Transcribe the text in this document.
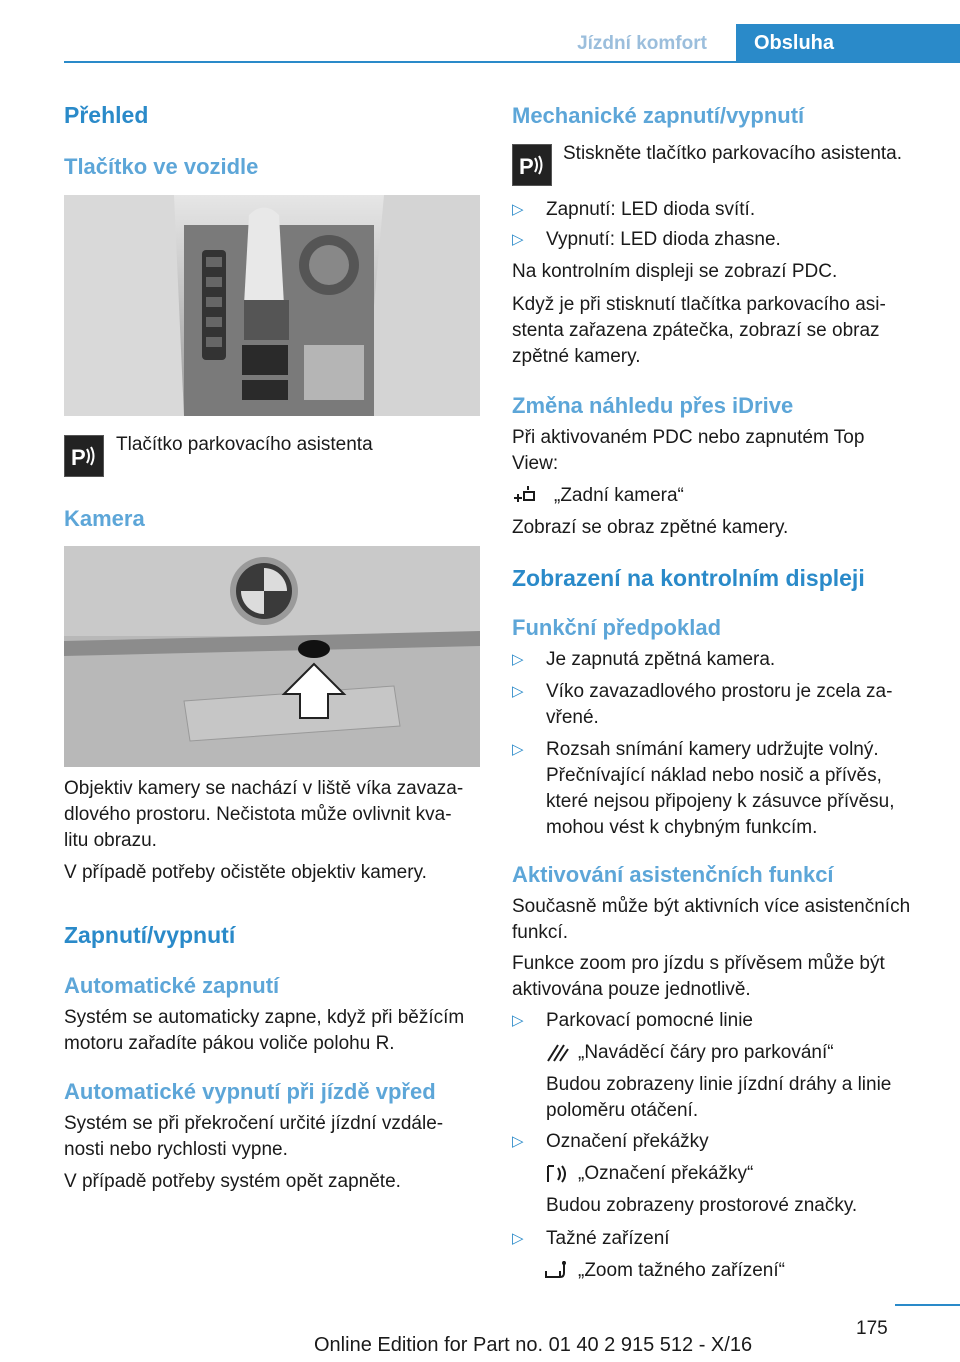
Jízdní komfort	Obsluha
Přehled
Tlačítko ve vozidle
P

Tlačítko parkovacího asistenta

Kamera

Objektiv kamery se nachází v liště víka zavaza‐
dlového prostoru. Nečistota může ovlivnit kva‐
litu obrazu.

V případě potřeby očistěte objektiv kamery.

Zapnutí/vypnutí
Automatické zapnutí

Systém se automaticky zapne, když při běžícím
motoru zařadíte pákou voliče polohu R.

Automatické vypnutí při jízdě vpřed

Systém se při překročení určité jízdní vzdále‐
nosti nebo rychlosti vypne.

V případě potřeby systém opět zapněte.

Mechanické zapnutí/vypnutí
P

Stiskněte tlačítko parkovacího asistenta.

▷ Zapnutí: LED dioda svítí.
▷ Vypnutí: LED dioda zhasne.

Na kontrolním displeji se zobrazí PDC.

Když je při stisknutí tlačítka parkovacího asi‐
stenta zařazena zpátečka, zobrazí se obraz
zpětné kamery.

Změna náhledu přes iDrive

Při aktivovaném PDC nebo zapnutém Top
View:

„Zadní kamera“

Zobrazí se obraz zpětné kamery.

Zobrazení na kontrolním displeji
Funkční předpoklad
▷ Je zapnutá zpětná kamera.
▷ Víko zavazadlového prostoru je zcela za‐
vřené.
▷ Rozsah snímání kamery udržujte volný.
Přečnívající náklad nebo nosič a přívěs,
které nejsou připojeny k zásuvce přívěsu,
mohou vést k chybným funkcím.
Aktivování asistenčních funkcí

Současně může být aktivních více asistenčních
funkcí.

Funkce zoom pro jízdu s přívěsem může být
aktivována pouze jednotlivě.

▷ Parkovací pomocné linie

„Naváděcí čáry pro parkování“

Budou zobrazeny linie jízdní dráhy a linie
poloměru otáčení.

▷ Označení překážky

„Označení překážky“

Budou zobrazeny prostorové značky.

▷ Tažné zařízení

„Zoom tažného zařízení“

175
Online Edition for Part no. 01 40 2 915 512 - X/16
